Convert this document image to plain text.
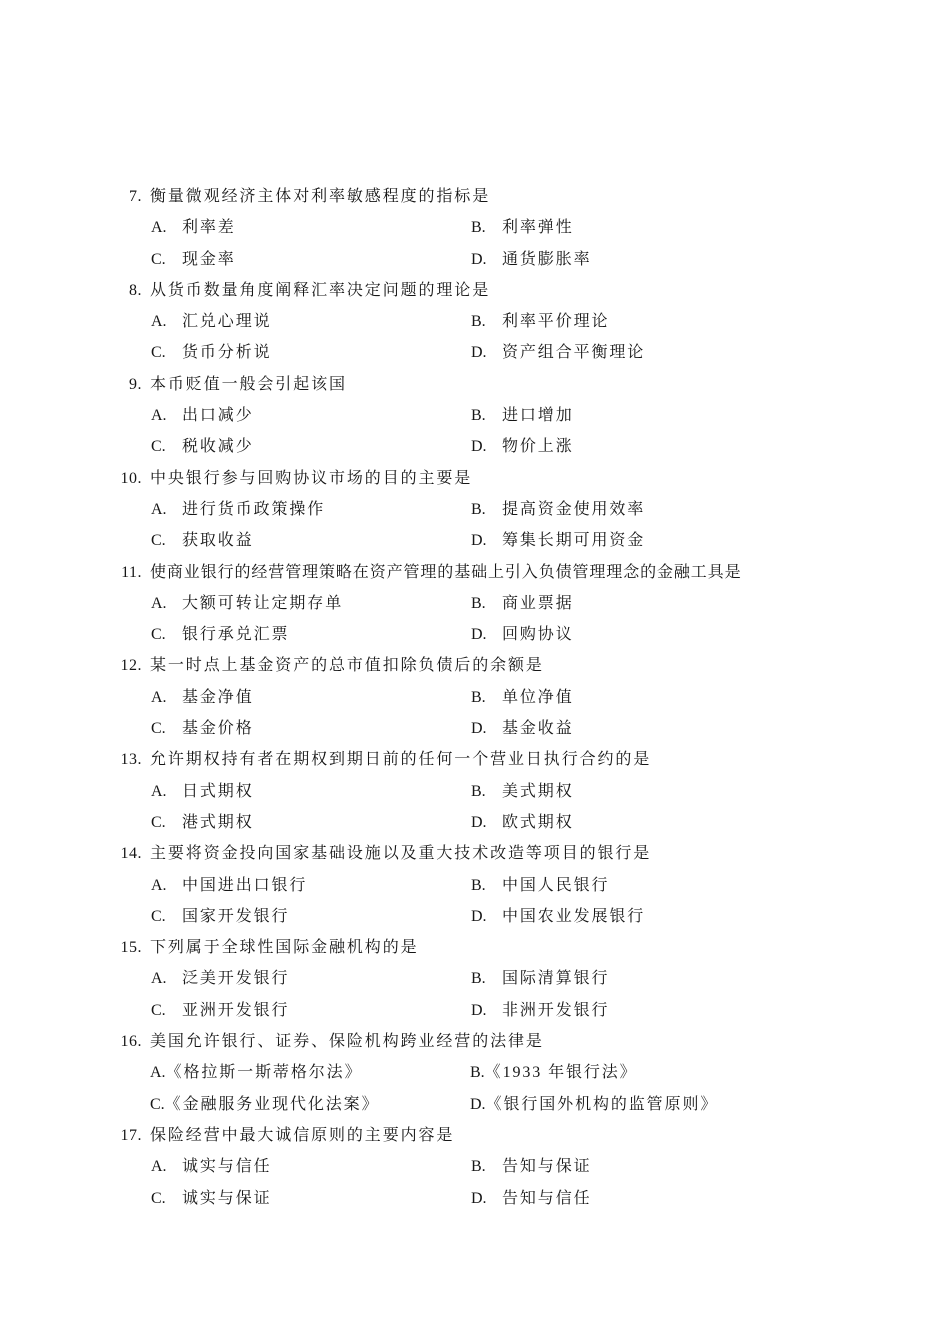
7. 衡量微观经济主体对利率敏感程度的指标是
A. 利率差	B. 利率弹性
C. 现金率	D. 通货膨胀率
8. 从货币数量角度阐释汇率决定问题的理论是
A. 汇兑心理说	B. 利率平价理论
C. 货币分析说	D. 资产组合平衡理论
9. 本币贬值一般会引起该国
A. 出口减少	B. 进口增加
C. 税收减少	D. 物价上涨
10. 中央银行参与回购协议市场的目的主要是
A. 进行货币政策操作	B. 提高资金使用效率
C. 获取收益	D. 筹集长期可用资金
11. 使商业银行的经营管理策略在资产管理的基础上引入负债管理理念的金融工具是
A. 大额可转让定期存单	B. 商业票据
C. 银行承兑汇票	D. 回购协议
12. 某一时点上基金资产的总市值扣除负债后的余额是
A. 基金净值	B. 单位净值
C. 基金价格	D. 基金收益
13. 允许期权持有者在期权到期日前的任何一个营业日执行合约的是
A. 日式期权	B. 美式期权
C. 港式期权	D. 欧式期权
14. 主要将资金投向国家基础设施以及重大技术改造等项目的银行是
A. 中国进出口银行	B. 中国人民银行
C. 国家开发银行	D. 中国农业发展银行
15. 下列属于全球性国际金融机构的是
A. 泛美开发银行	B. 国际清算银行
C. 亚洲开发银行	D. 非洲开发银行
16. 美国允许银行、证券、保险机构跨业经营的法律是
A.《格拉斯一斯蒂格尔法》	B.《1933 年银行法》
C.《金融服务业现代化法案》	D.《银行国外机构的监管原则》
17. 保险经营中最大诚信原则的主要内容是
A. 诚实与信任	B. 告知与保证
C. 诚实与保证	D. 告知与信任
